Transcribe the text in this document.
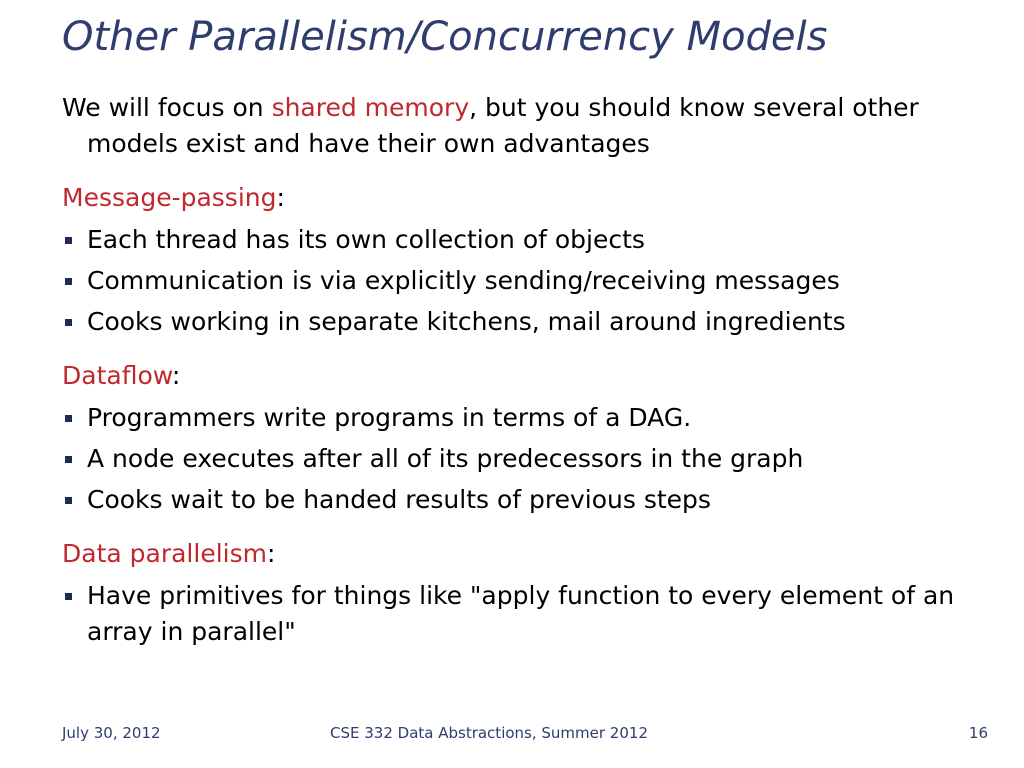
Other Parallelism/Concurrency Models

We will focus on shared memory, but you should know several other models exist and have their own advantages

Message-passing:

Each thread has its own collection of objects
Communication is via explicitly sending/receiving messages
Cooks working in separate kitchens, mail around ingredients

Dataflow:

Programmers write programs in terms of a DAG.
A node executes after all of its predecessors in the graph
Cooks wait to be handed results of previous steps

Data parallelism:

Have primitives for things like "apply function to every element of an array in parallel"
July 30, 2012	CSE 332 Data Abstractions, Summer 2012	16
